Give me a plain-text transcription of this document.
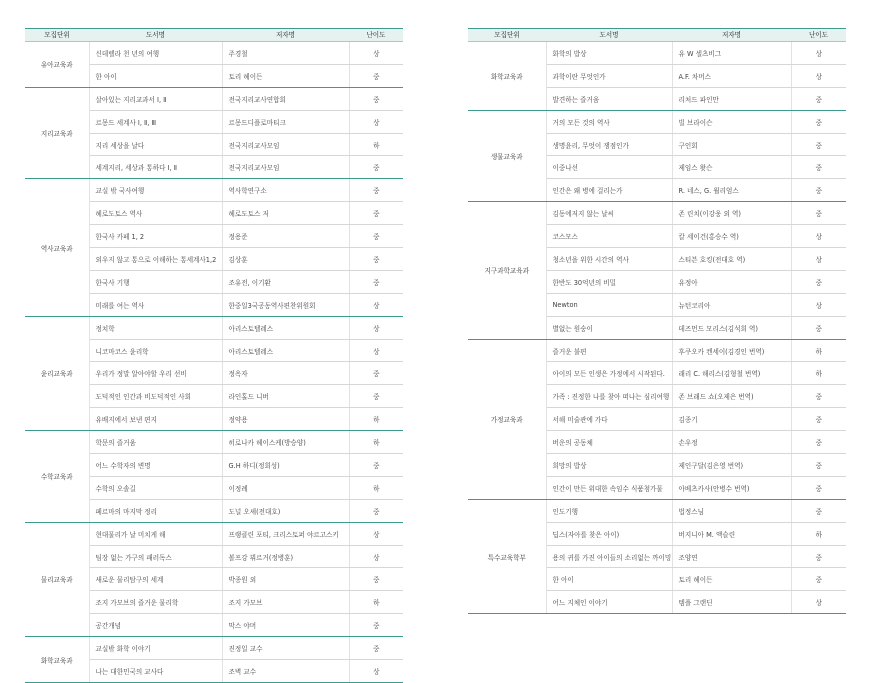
모집단위	도서명	저자명	난이도
유아교육과	신데렐라 천 년의 여행	주경철	상
	한 아이	토리 헤이든	중
지리교육과	살아있는 지리교과서 Ⅰ, Ⅱ	전국지리교사연합회	중
	르몽드 세계사 Ⅰ, Ⅱ, Ⅲ	르몽드디플로마티크	상
	지리 세상을 날다	전국지리교사모임	하
	세계지리, 세상과 통하다 Ⅰ, Ⅱ	전국지리교사모임	중
역사교육과	교실 밖 국사여행	역사학연구소	중
	헤로도토스 역사	헤로도토스 저	중
	한국사 카페 1, 2	정용준	중
	외우지 않고 통으로 이해하는 통세계사1,2	김상훈	중
	한국사 기행	조유전, 이기환	중
	미래를 여는 역사	한중일3국공동역사편찬위원회	상
윤리교육과	정치학	아리스토텔레스	상
	니코마코스 윤리학	아리스토텔레스	상
	우리가 정말 알아야할 우리 선비	정옥자	중
	도덕적인 인간과 비도덕적인 사회	라인홀드 니버	중
	유배지에서 보낸 편지	정약용	하
수학교육과	학문의 즐거움	히로나카 헤이스케(방승양)	하
	어느 수학자의 변명	G.H 하디(정회성)	중
	수학의 오솔길	이정례	하
	페르마의 마지막 정리	도널 오셰(전대호)	중
물리교육과	현대물리가 날 미치게 해	프랭클린 포티, 크리스토퍼 야르고스키	상
	팀장 없는 가구의 패러독스	볼프강 뷔르거(정병훈)	상
	새로운 물리탐구의 세계	박종원 외	중
	조지 가모브의 즐거운 물리학	조지 가모브	하
	공간개념	막스 야머	중
화학교육과	교실밖 화학 이야기	진정일 교수	중
	나는 대한민국의 교사다	조벽 교수	상
모집단위	도서명	저자명	난이도
화학교육과	화학의 밥상	유 W 셀츠비그	상
	과학이란 무엇인가	A.F. 차머스	상
	발견하는 즐거움	리처드 파인만	중
생물교육과	거의 모든 것의 역사	빌 브라이슨	중
	생명윤리, 무엇이 쟁점인가	구인회	중
	이중나선	제임스 왓슨	중
	인간은 왜 병에 걸리는가	R. 네스, G. 윌리엄스	중
지구과학교육과	김동에저지 않는 날씨	존 린치(이강웅 외 역)	중
	코스모스	칼 세이건(홍승수 역)	상
	청소년을 위한 시간의 역사	스티븐 호킹(전대호 역)	상
	한반도 30억년의 비밀	유정아	중
	Newton	뉴턴코리아	상
	별없는 원숭이	데즈먼드 모리스(김석희 역)	중
가정교육과	즐거운 불편	후쿠오카 켄세이(김경인 번역)	하
	아이의 모든 인생은 가정에서 시작된다.	래리 C. 해리스(김형철 번역)	하
	가족 : 진정한 나를 찾아 떠나는 심리여행	존 브래드 쇼(오제은 번역)	중
	서해 미술관에 가다	김종기	중
	버운의 공동체	손우정	중
	희망의 밥상	제인구달(김은영 번역)	중
	인간이 만든 위대한 속임수 식품첨가물	아베츠카사(안병수 번역)	중
특수교육학부	인도기행	법정스님	중
	딥스(자아를 찾은 아이)	버지니아 M. 액슬린	하
	용의 귀를 가진 아이들의 소리없는 까이밍	조양연	중
	한 아이	토리 헤이든	중
	어느 지체인 이야기	템플 그랜딘	상
